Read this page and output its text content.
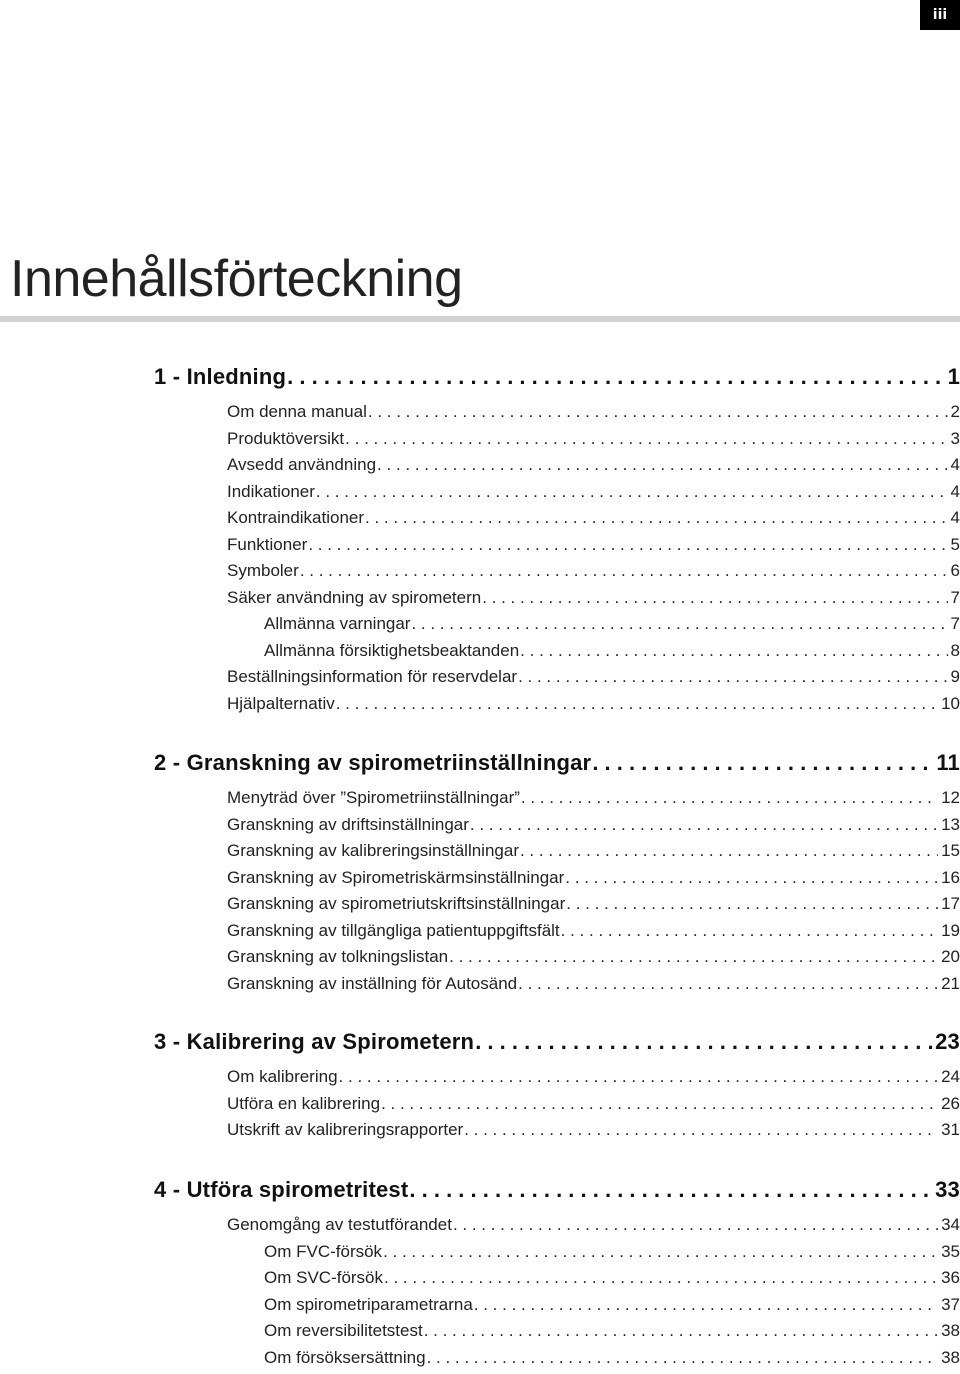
iii
Innehållsförteckning
1 - Inledning . . .	1
Om denna manual . . .	2
Produktöversikt . . .	3
Avsedd användning . . .	4
Indikationer . . .	4
Kontraindikationer . . .	4
Funktioner . . .	5
Symboler . . .	6
Säker användning av spirometern . . .	7
Allmänna varningar . . .	7
Allmänna försiktighetsbeaktanden . . .	8
Beställningsinformation för reservdelar . . .	9
Hjälpalternativ . . .	10
2 - Granskning av spirometriinställningar . . .	11
Menyträd över ”Spirometriinställningar” . . .	12
Granskning av driftsinställningar . . .	13
Granskning av kalibreringsinställningar . . .	15
Granskning av Spirometriskärmsinställningar . . .	16
Granskning av spirometriutskriftsinställningar . . .	17
Granskning av tillgängliga patientuppgiftsfält . . .	19
Granskning av tolkningslistan . . .	20
Granskning av inställning för Autosänd . . .	21
3 - Kalibrering av Spirometern . . .	23
Om kalibrering . . .	24
Utföra en kalibrering . . .	26
Utskrift av kalibreringsrapporter . . .	31
4 - Utföra spirometritest . . .	33
Genomgång av testutförandet . . .	34
Om FVC-försök . . .	35
Om SVC-försök . . .	36
Om spirometriparametrarna . . .	37
Om reversibilitetstest . . .	38
Om försöksersättning . . .	38
